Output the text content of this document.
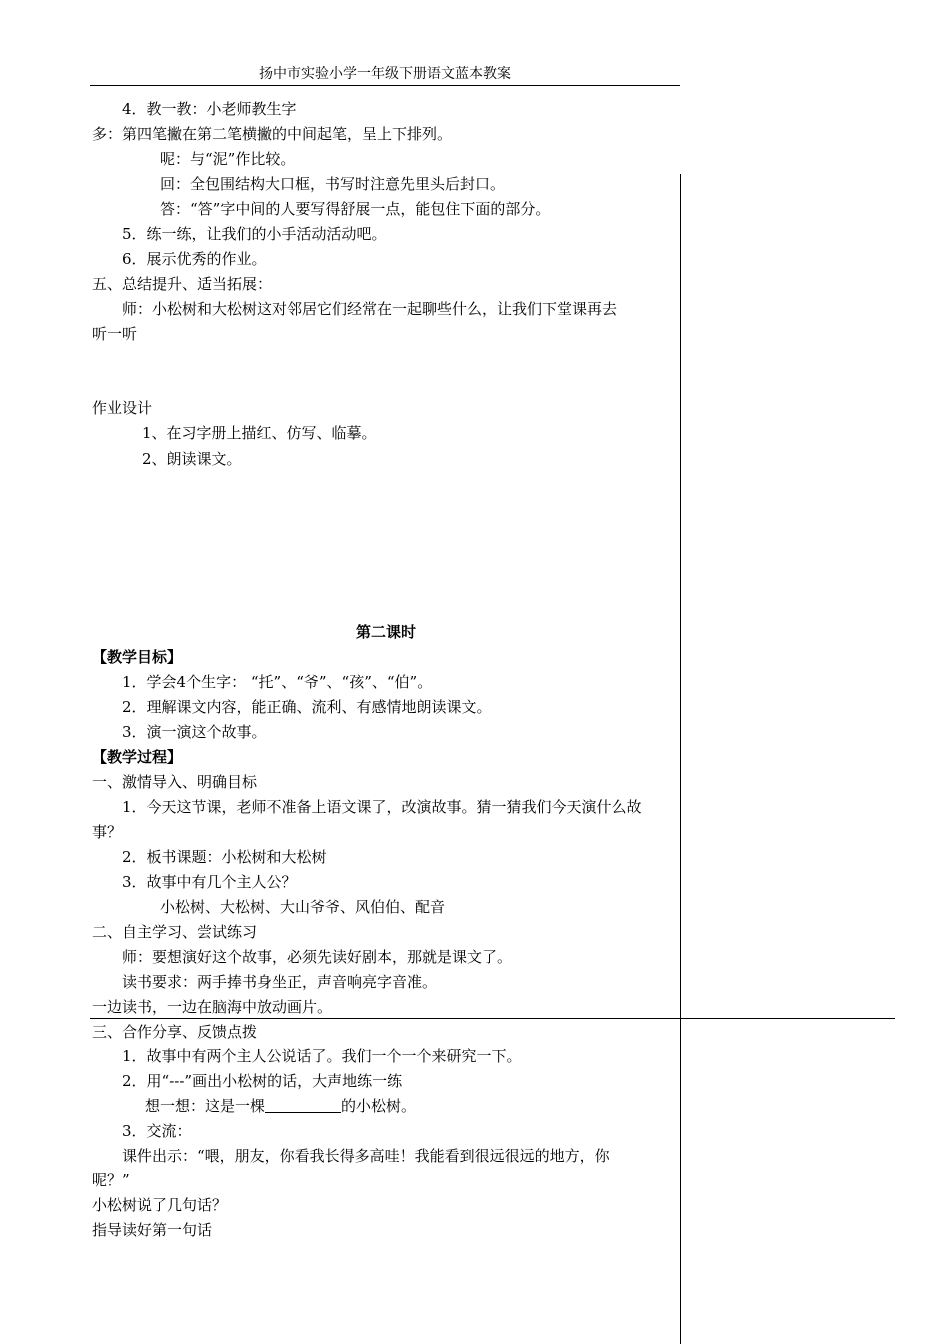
扬中市实验小学一年级下册语文蓝本教案
4．教一教：小老师教生字
多：第四笔撇在第二笔横撇的中间起笔，呈上下排列。
呢：与“泥”作比较。
回：全包围结构大口框，书写时注意先里头后封口。
答：“答”字中间的人要写得舒展一点，能包住下面的部分。
5．练一练，让我们的小手活动活动吧。
6．展示优秀的作业。
五、总结提升、适当拓展：
师：小松树和大松树这对邻居它们经常在一起聊些什么，让我们下堂课再去
听一听
作业设计
1、在习字册上描红、仿写、临摹。
2、朗读课文。
第二课时
【教学目标】
1．学会4个生字： “托”、“爷”、“孩”、“伯”。
2．理解课文内容，能正确、流利、有感情地朗读课文。
3．演一演这个故事。
【教学过程】
一、激情导入、明确目标
1．今天这节课，老师不准备上语文课了，改演故事。猜一猜我们今天演什么故
事？
2．板书课题：小松树和大松树
3．故事中有几个主人公？
小松树、大松树、大山爷爷、风伯伯、配音
二、自主学习、尝试练习
师：要想演好这个故事，必须先读好剧本，那就是课文了。
读书要求：两手捧书身坐正，声音响亮字音准。
一边读书，一边在脑海中放动画片。
三、合作分享、反馈点拨
1．故事中有两个主人公说话了。我们一个一个来研究一下。
2．用“---”画出小松树的话，大声地练一练
想一想：这是一棵	的小松树。
3．交流：
课件出示：“喂，朋友，你看我长得多高哇！我能看到很远很远的地方，你
呢？”
小松树说了几句话？
指导读好第一句话
